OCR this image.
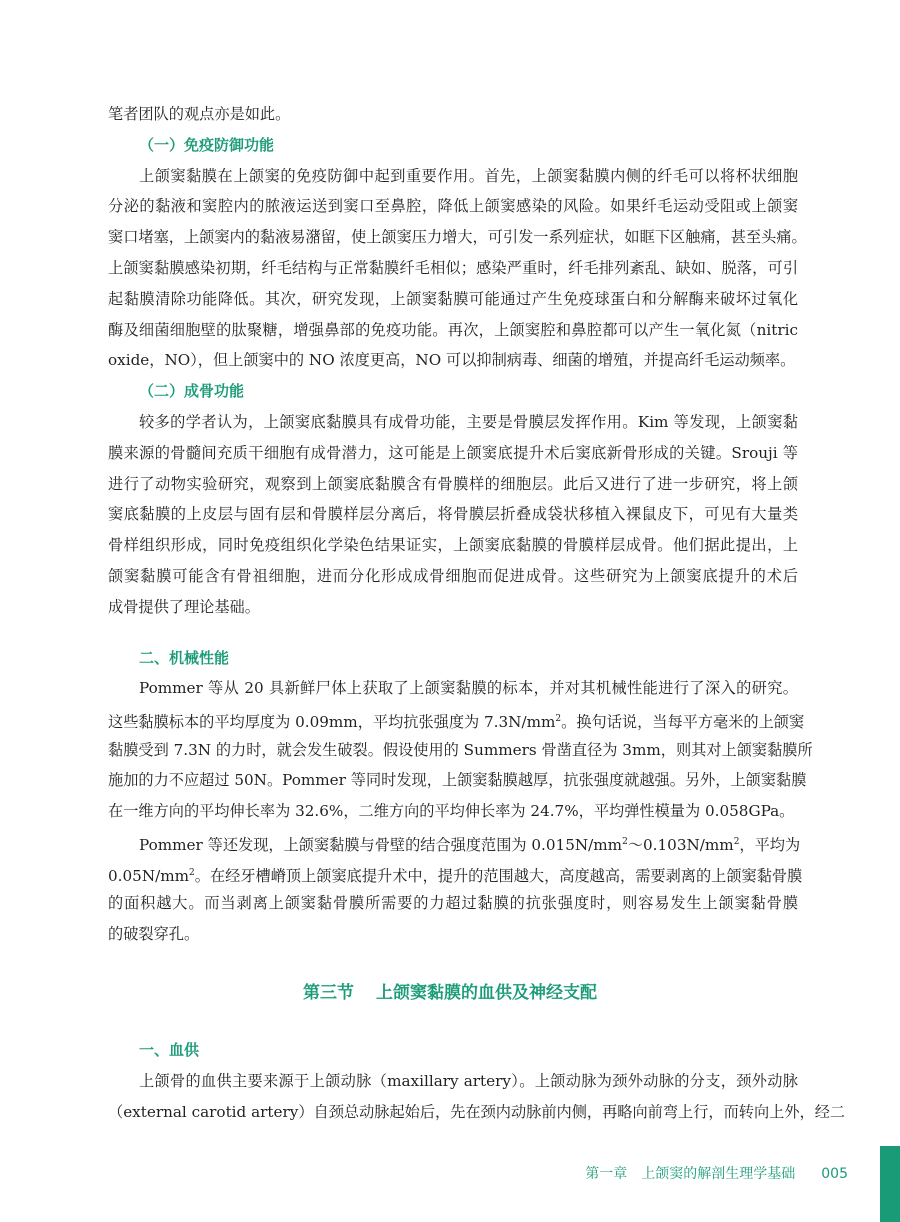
笔者团队的观点亦是如此。
（一）免疫防御功能
上颌窦黏膜在上颌窦的免疫防御中起到重要作用。首先，上颌窦黏膜内侧的纤毛可以将杯状细胞
分泌的黏液和窦腔内的脓液运送到窦口至鼻腔，降低上颌窦感染的风险。如果纤毛运动受阻或上颌窦
窦口堵塞，上颌窦内的黏液易潴留，使上颌窦压力增大，可引发一系列症状，如眶下区触痛，甚至头痛。
上颌窦黏膜感染初期，纤毛结构与正常黏膜纤毛相似；感染严重时，纤毛排列紊乱、缺如、脱落，可引
起黏膜清除功能降低。其次，研究发现，上颌窦黏膜可能通过产生免疫球蛋白和分解酶来破坏过氧化
酶及细菌细胞壁的肽聚糖，增强鼻部的免疫功能。再次，上颌窦腔和鼻腔都可以产生一氧化氮（nitric
oxide，NO），但上颌窦中的 NO 浓度更高，NO 可以抑制病毒、细菌的增殖，并提高纤毛运动频率。
（二）成骨功能
较多的学者认为，上颌窦底黏膜具有成骨功能，主要是骨膜层发挥作用。Kim 等发现，上颌窦黏
膜来源的骨髓间充质干细胞有成骨潜力，这可能是上颌窦底提升术后窦底新骨形成的关键。Srouji 等
进行了动物实验研究，观察到上颌窦底黏膜含有骨膜样的细胞层。此后又进行了进一步研究，将上颌
窦底黏膜的上皮层与固有层和骨膜样层分离后，将骨膜层折叠成袋状移植入裸鼠皮下，可见有大量类
骨样组织形成，同时免疫组织化学染色结果证实，上颌窦底黏膜的骨膜样层成骨。他们据此提出，上
颌窦黏膜可能含有骨祖细胞，进而分化形成成骨细胞而促进成骨。这些研究为上颌窦底提升的术后
成骨提供了理论基础。
二、机械性能
Pommer 等从 20 具新鲜尸体上获取了上颌窦黏膜的标本，并对其机械性能进行了深入的研究。
这些黏膜标本的平均厚度为 0.09mm，平均抗张强度为 $7.3N/mm^2$。换句话说，当每平方毫米的上颌窦
黏膜受到 7.3N 的力时，就会发生破裂。假设使用的 Summers 骨凿直径为 3mm，则其对上颌窦黏膜所
施加的力不应超过 50N。Pommer 等同时发现，上颌窦黏膜越厚，抗张强度就越强。另外，上颌窦黏膜
在一维方向的平均伸长率为 32.6%，二维方向的平均伸长率为 24.7%，平均弹性模量为 0.058GPa。
Pommer 等还发现，上颌窦黏膜与骨壁的结合强度范围为 $0.015N/mm^2\sim 0.103N/mm^2$，平均为
$0.05N/mm^2$。在经牙槽嵴顶上颌窦底提升术中，提升的范围越大，高度越高，需要剥离的上颌窦黏骨膜
的面积越大。而当剥离上颌窦黏骨膜所需要的力超过黏膜的抗张强度时，则容易发生上颌窦黏骨膜
的破裂穿孔。
第三节 上颌窦黏膜的血供及神经支配
一、血供
上颌骨的血供主要来源于上颌动脉（maxillary artery）。上颌动脉为颈外动脉的分支，颈外动脉
（external carotid artery）自颈总动脉起始后，先在颈内动脉前内侧，再略向前弯上行，而转向上外，经二
第一章　上颌窦的解剖生理学基础 005
